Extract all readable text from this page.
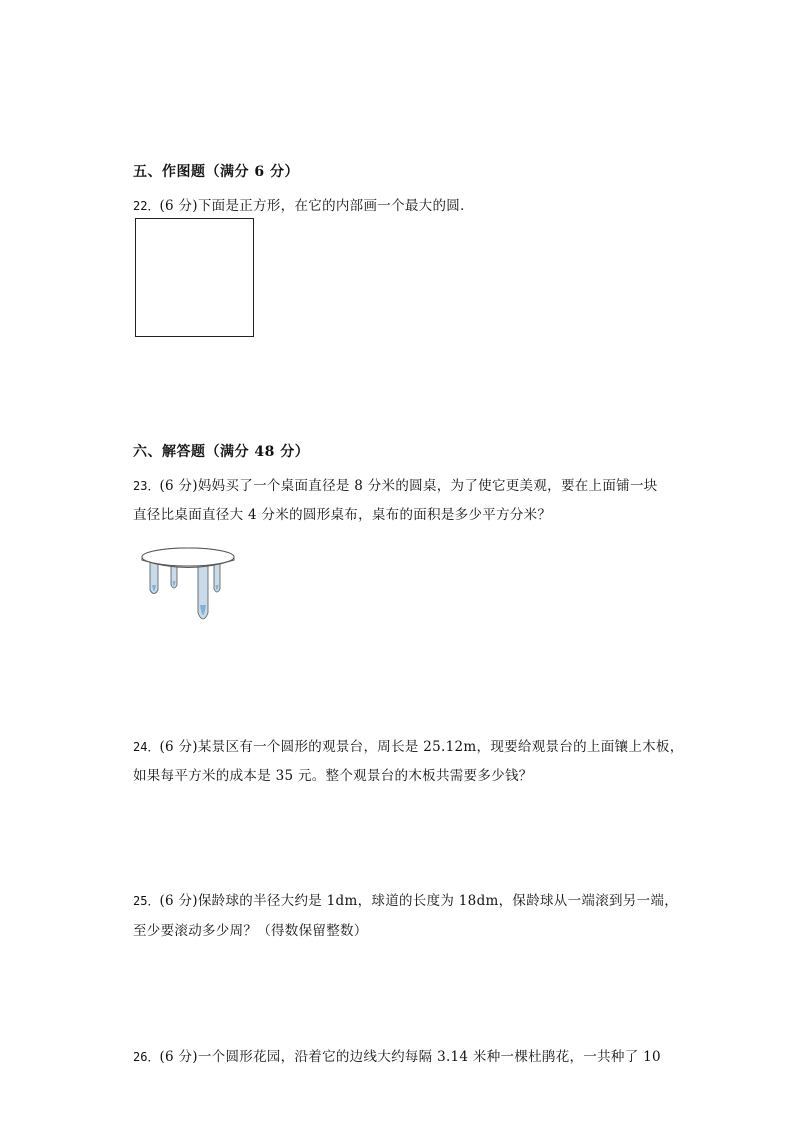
五、作图题（满分 6 分）
22．(6 分)下面是正方形，在它的内部画一个最大的圆．
六、解答题（满分 48 分）
23．(6 分)妈妈买了一个桌面直径是 8 分米的圆桌，为了使它更美观，要在上面铺一块
直径比桌面直径大 4 分米的圆形桌布，桌布的面积是多少平方分米？
24．(6 分)某景区有一个圆形的观景台，周长是 25.12m，现要给观景台的上面镶上木板，
如果每平方米的成本是 35 元。整个观景台的木板共需要多少钱？
25．(6 分)保龄球的半径大约是 1dm，球道的长度为 18dm，保龄球从一端滚到另一端，
至少要滚动多少周？（得数保留整数）
26．(6 分)一个圆形花园，沿着它的边线大约每隔 3.14 米种一棵杜鹃花，一共种了 10
